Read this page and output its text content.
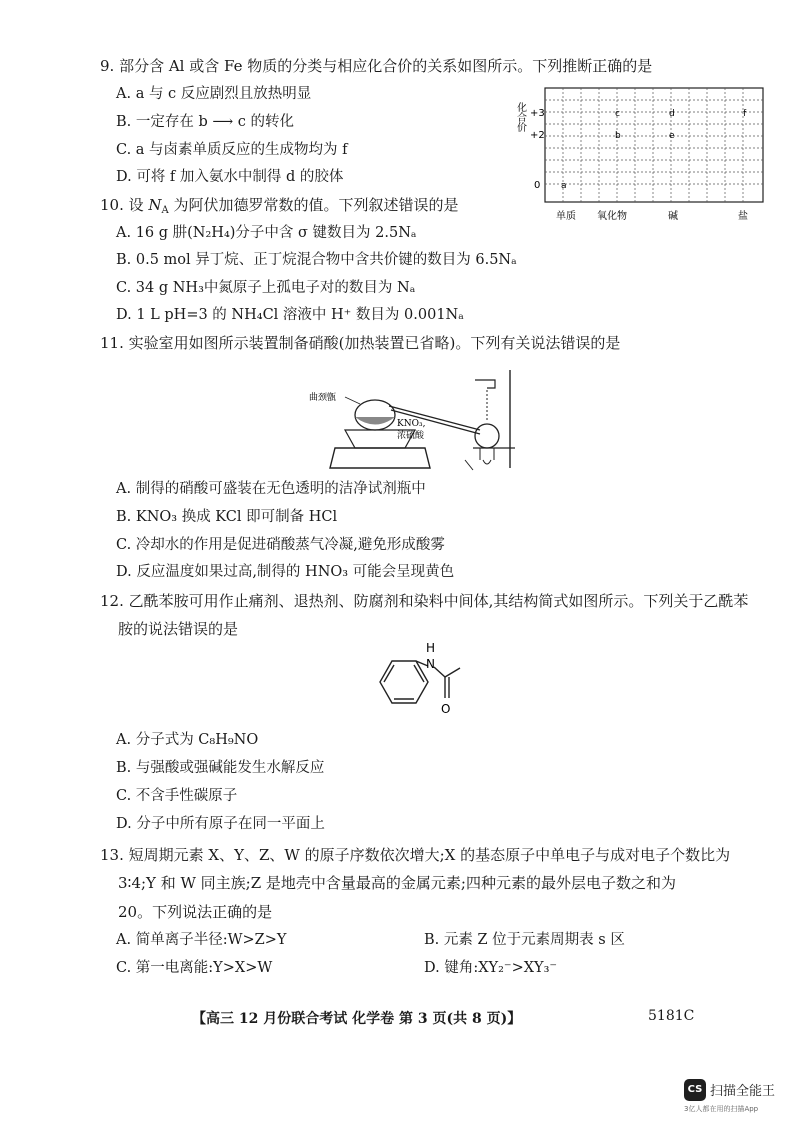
9. 部分含 Al 或含 Fe 物质的分类与相应化合价的关系如图所示。下列推断正确的是
A. a 与 c 反应剧烈且放热明显
B. 一定存在 b ⟶ c 的转化
C. a 与卤素单质反应的生成物均为 f
D. 可将 f 加入氨水中制得 d 的胶体
化合价 +3
+2
0 a
b
c	d
e
f
单质 氧化物	碱	盐
10. 设 $N_A$ 为阿伏加德罗常数的值。下列叙述错误的是
A. 16 g 肼(N₂H₄)分子中含 σ 键数目为 2.5Nₐ
B. 0.5 mol 异丁烷、正丁烷混合物中含共价键的数目为 6.5Nₐ
C. 34 g NH₃中氮原子上孤电子对的数目为 Nₐ
D. 1 L pH=3 的 NH₄Cl 溶液中 H⁺ 数目为 0.001Nₐ
11. 实验室用如图所示装置制备硝酸(加热装置已省略)。下列有关说法错误的是
曲颈甑
KNO₃,
浓硫酸
A. 制得的硝酸可盛装在无色透明的洁净试剂瓶中
B. KNO₃ 换成 KCl 即可制备 HCl
C. 冷却水的作用是促进硝酸蒸气冷凝,避免形成酸雾
D. 反应温度如果过高,制得的 HNO₃ 可能会呈现黄色
12. 乙酰苯胺可用作止痛剂、退热剂、防腐剂和染料中间体,其结构简式如图所示。下列关于乙酰苯
胺的说法错误的是
H
N
O
A. 分子式为 C₈H₉NO
B. 与强酸或强碱能发生水解反应
C. 不含手性碳原子
D. 分子中所有原子在同一平面上
13. 短周期元素 X、Y、Z、W 的原子序数依次增大;X 的基态原子中单电子与成对电子个数比为
3∶4;Y 和 W 同主族;Z 是地壳中含量最高的金属元素;四种元素的最外层电子数之和为
20。下列说法正确的是
A. 简单离子半径:W>Z>Y	B. 元素 Z 位于元素周期表 s 区
C. 第一电离能:Y>X>W	D. 键角:XY₂⁻>XY₃⁻
【高三 12 月份联合考试 化学卷 第 3 页(共 8 页)】	5181C
CS 扫描全能王
3亿人都在用的扫描App
